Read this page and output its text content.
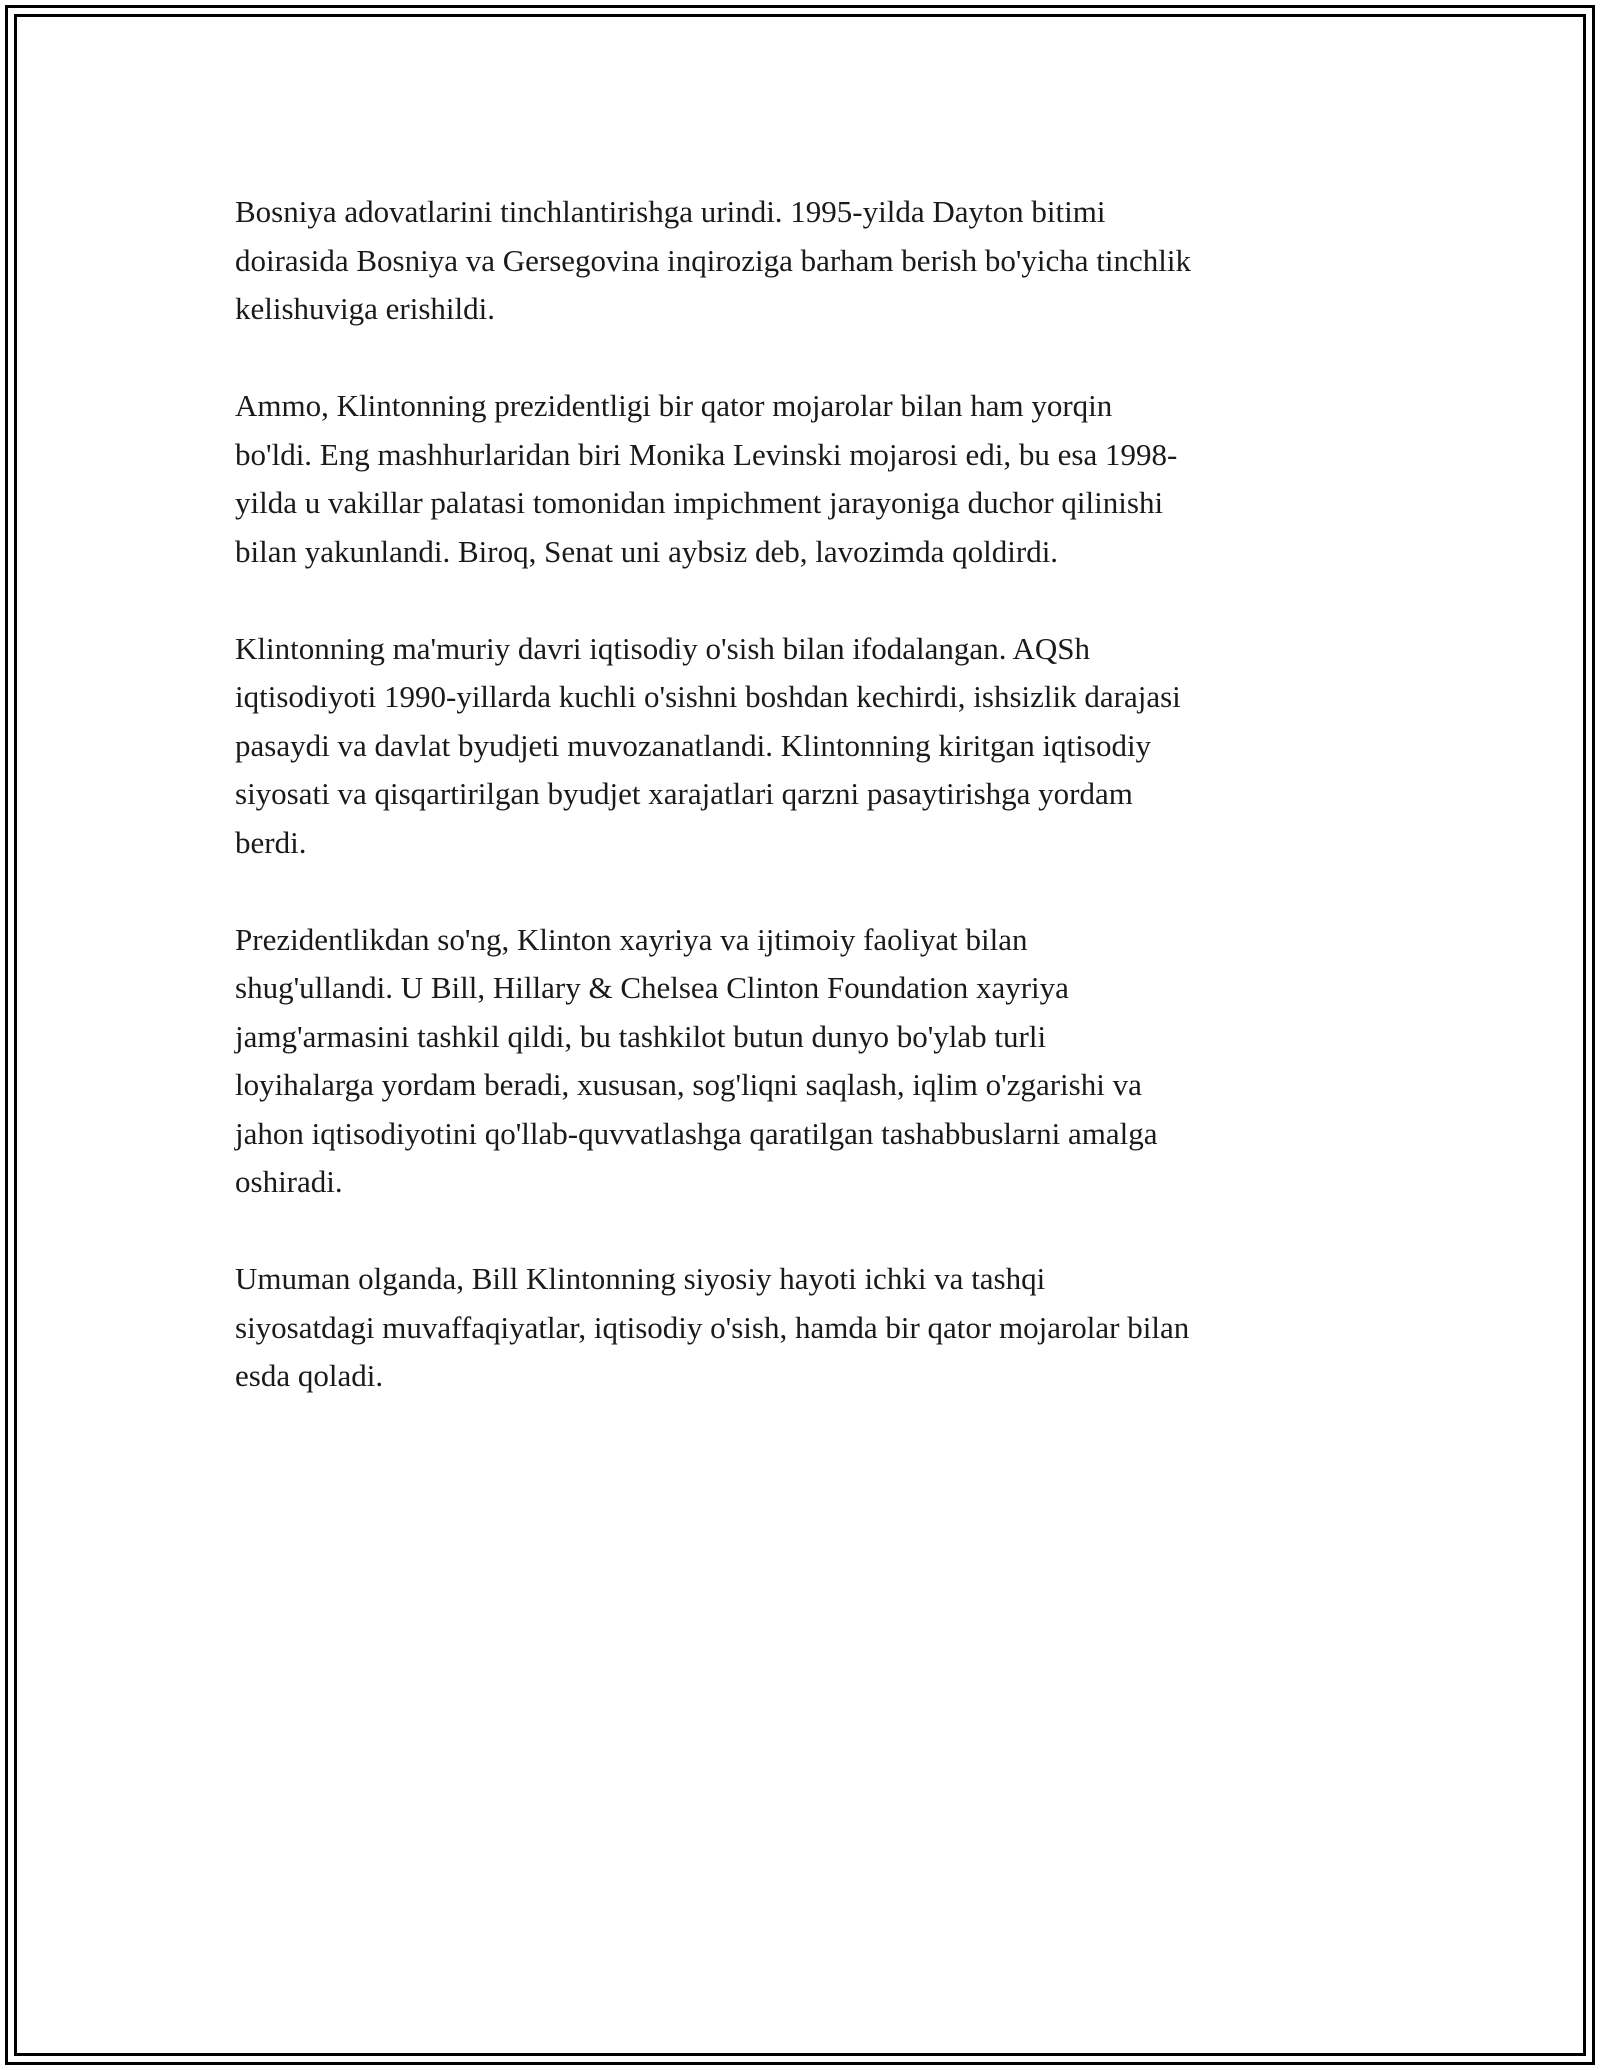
Bosniya adovatlarini tinchlantirishga urindi. 1995-yilda Dayton bitimi
doirasida Bosniya va Gersegovina inqiroziga barham berish bo'yicha tinchlik
kelishuviga erishildi.

Ammo, Klintonning prezidentligi bir qator mojarolar bilan ham yorqin
bo'ldi. Eng mashhurlaridan biri Monika Levinski mojarosi edi, bu esa 1998-
yilda u vakillar palatasi tomonidan impichment jarayoniga duchor qilinishi
bilan yakunlandi. Biroq, Senat uni aybsiz deb, lavozimda qoldirdi.

Klintonning ma'muriy davri iqtisodiy o'sish bilan ifodalangan. AQSh
iqtisodiyoti 1990-yillarda kuchli o'sishni boshdan kechirdi, ishsizlik darajasi
pasaydi va davlat byudjeti muvozanatlandi. Klintonning kiritgan iqtisodiy
siyosati va qisqartirilgan byudjet xarajatlari qarzni pasaytirishga yordam
berdi.

Prezidentlikdan so'ng, Klinton xayriya va ijtimoiy faoliyat bilan
shug'ullandi. U Bill, Hillary & Chelsea Clinton Foundation xayriya
jamg'armasini tashkil qildi, bu tashkilot butun dunyo bo'ylab turli
loyihalarga yordam beradi, xususan, sog'liqni saqlash, iqlim o'zgarishi va
jahon iqtisodiyotini qo'llab-quvvatlashga qaratilgan tashabbuslarni amalga
oshiradi.

Umuman olganda, Bill Klintonning siyosiy hayoti ichki va tashqi
siyosatdagi muvaffaqiyatlar, iqtisodiy o'sish, hamda bir qator mojarolar bilan
esda qoladi.
